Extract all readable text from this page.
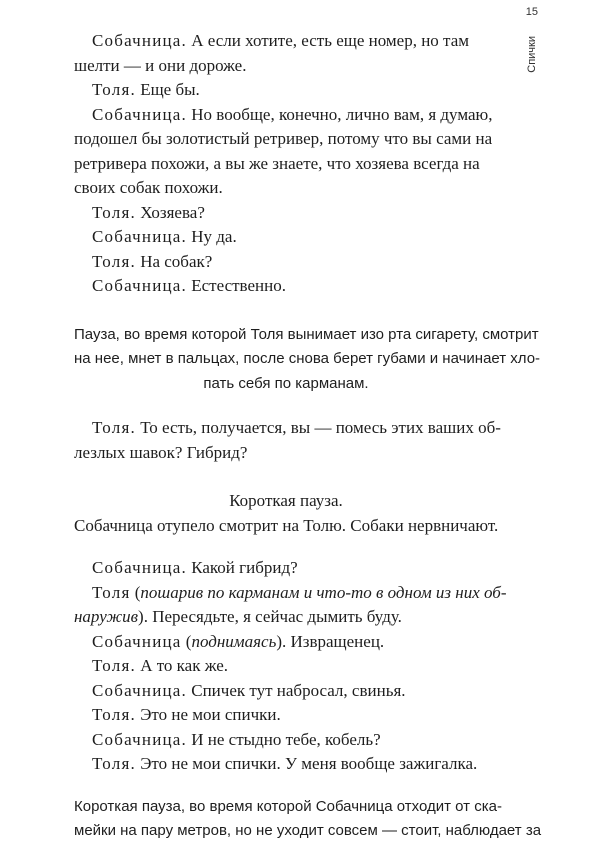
15
Спички
Собачница. А если хотите, есть еще номер, но там
шелти — и они дороже.
Толя. Еще бы.
Собачница. Но вообще, конечно, лично вам, я думаю,
подошел бы золотистый ретривер, потому что вы сами на
ретривера похожи, а вы же знаете, что хозяева всегда на
своих собак похожи.
Толя. Хозяева?
Собачница. Ну да.
Толя. На собак?
Собачница. Естественно.
Пауза, во время которой Толя вынимает изо рта сигарету, смотрит
на нее, мнет в пальцах, после снова берет губами и начинает хло-
пать себя по карманам.
Толя. То есть, получается, вы — помесь этих ваших об-
лезлых шавок? Гибрид?
Короткая пауза.
Собачница отупело смотрит на Толю. Собаки нервничают.
Собачница. Какой гибрид?
Толя (пошарив по карманам и что-то в одном из них об-
наружив). Пересядьте, я сейчас дымить буду.
Собачница (поднимаясь). Извращенец.
Толя. А то как же.
Собачница. Спичек тут набросал, свинья.
Толя. Это не мои спички.
Собачница. И не стыдно тебе, кобель?
Толя. Это не мои спички. У меня вообще зажигалка.
Короткая пауза, во время которой Собачница отходит от ска-
мейки на пару метров, но не уходит совсем — стоит, наблюдает за
